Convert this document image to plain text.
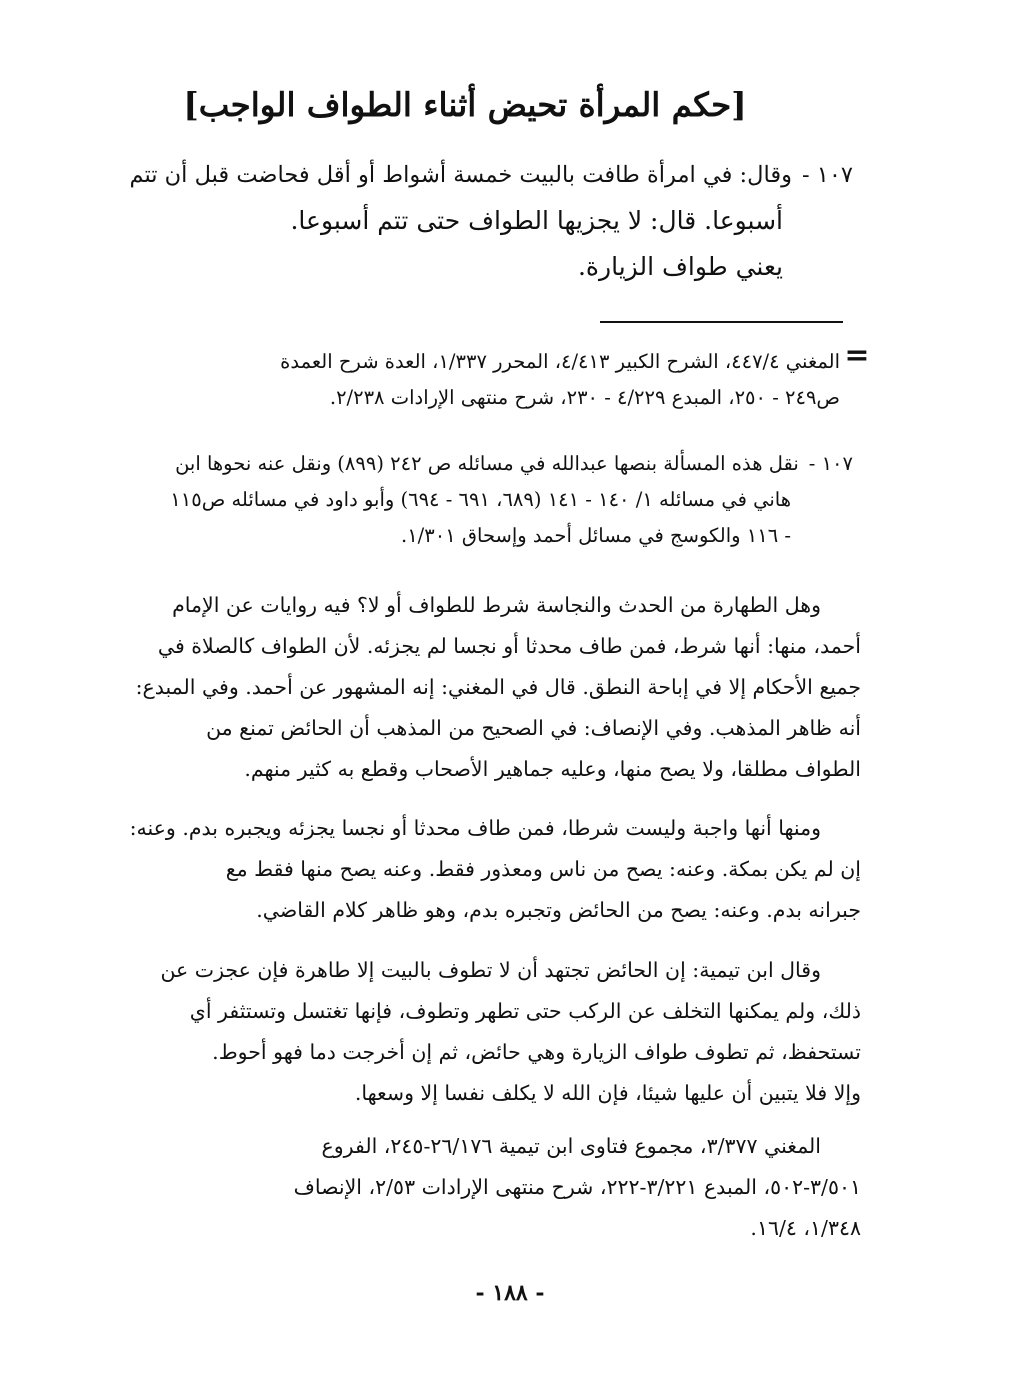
[حكم المرأة تحيض أثناء الطواف الواجب]
١٠٧ -وقال: في امرأة طافت بالبيت خمسة أشواط أو أقل فحاضت قبل أن تتم
أسبوعا. قال: لا يجزيها الطواف حتى تتم أسبوعا.
يعني طواف الزيارة.
=
المغني ٤٤٧/٤، الشرح الكبير ٤/٤١٣، المحرر ١/٣٣٧، العدة شرح العمدة
ص٢٤٩ - ٢٥٠، المبدع ٤/٢٢٩ - ٢٣٠، شرح منتهى الإرادات ٢/٢٣٨.
١٠٧ -نقل هذه المسألة بنصها عبدالله في مسائله ص ٢٤٢ (٨٩٩) ونقل عنه نحوها ابن
هاني في مسائله ١/ ١٤٠ - ١٤١ (٦٨٩، ٦٩١ - ٦٩٤) وأبو داود في مسائله ص١١٥
- ١١٦ والكوسج في مسائل أحمد وإسحاق ١/٣٠١.
وهل الطهارة من الحدث والنجاسة شرط للطواف أو لا؟ فيه روايات عن الإمام
أحمد، منها: أنها شرط، فمن طاف محدثا أو نجسا لم يجزئه. لأن الطواف كالصلاة في
جميع الأحكام إلا في إباحة النطق. قال في المغني: إنه المشهور عن أحمد. وفي المبدع:
أنه ظاهر المذهب. وفي الإنصاف: في الصحيح من المذهب أن الحائض تمنع من
الطواف مطلقا، ولا يصح منها، وعليه جماهير الأصحاب وقطع به كثير منهم.
ومنها أنها واجبة وليست شرطا، فمن طاف محدثا أو نجسا يجزئه ويجبره بدم. وعنه:
إن لم يكن بمكة. وعنه: يصح من ناس ومعذور فقط. وعنه يصح منها فقط مع
جبرانه بدم. وعنه: يصح من الحائض وتجبره بدم، وهو ظاهر كلام القاضي.
وقال ابن تيمية: إن الحائض تجتهد أن لا تطوف بالبيت إلا طاهرة فإن عجزت عن
ذلك، ولم يمكنها التخلف عن الركب حتى تطهر وتطوف، فإنها تغتسل وتستثفر أي
تستحفظ، ثم تطوف طواف الزيارة وهي حائض، ثم إن أخرجت دما فهو أحوط.
وإلا فلا يتبين أن عليها شيئا، فإن الله لا يكلف نفسا إلا وسعها.
المغني ٣/٣٧٧، مجموع فتاوى ابن تيمية ٢٦/١٧٦-٢٤٥، الفروع
٣/٥٠١-٥٠٢، المبدع ٣/٢٢١-٢٢٢، شرح منتهى الإرادات ٢/٥٣، الإنصاف
١/٣٤٨، ١٦/٤.
- ١٨٨ -
